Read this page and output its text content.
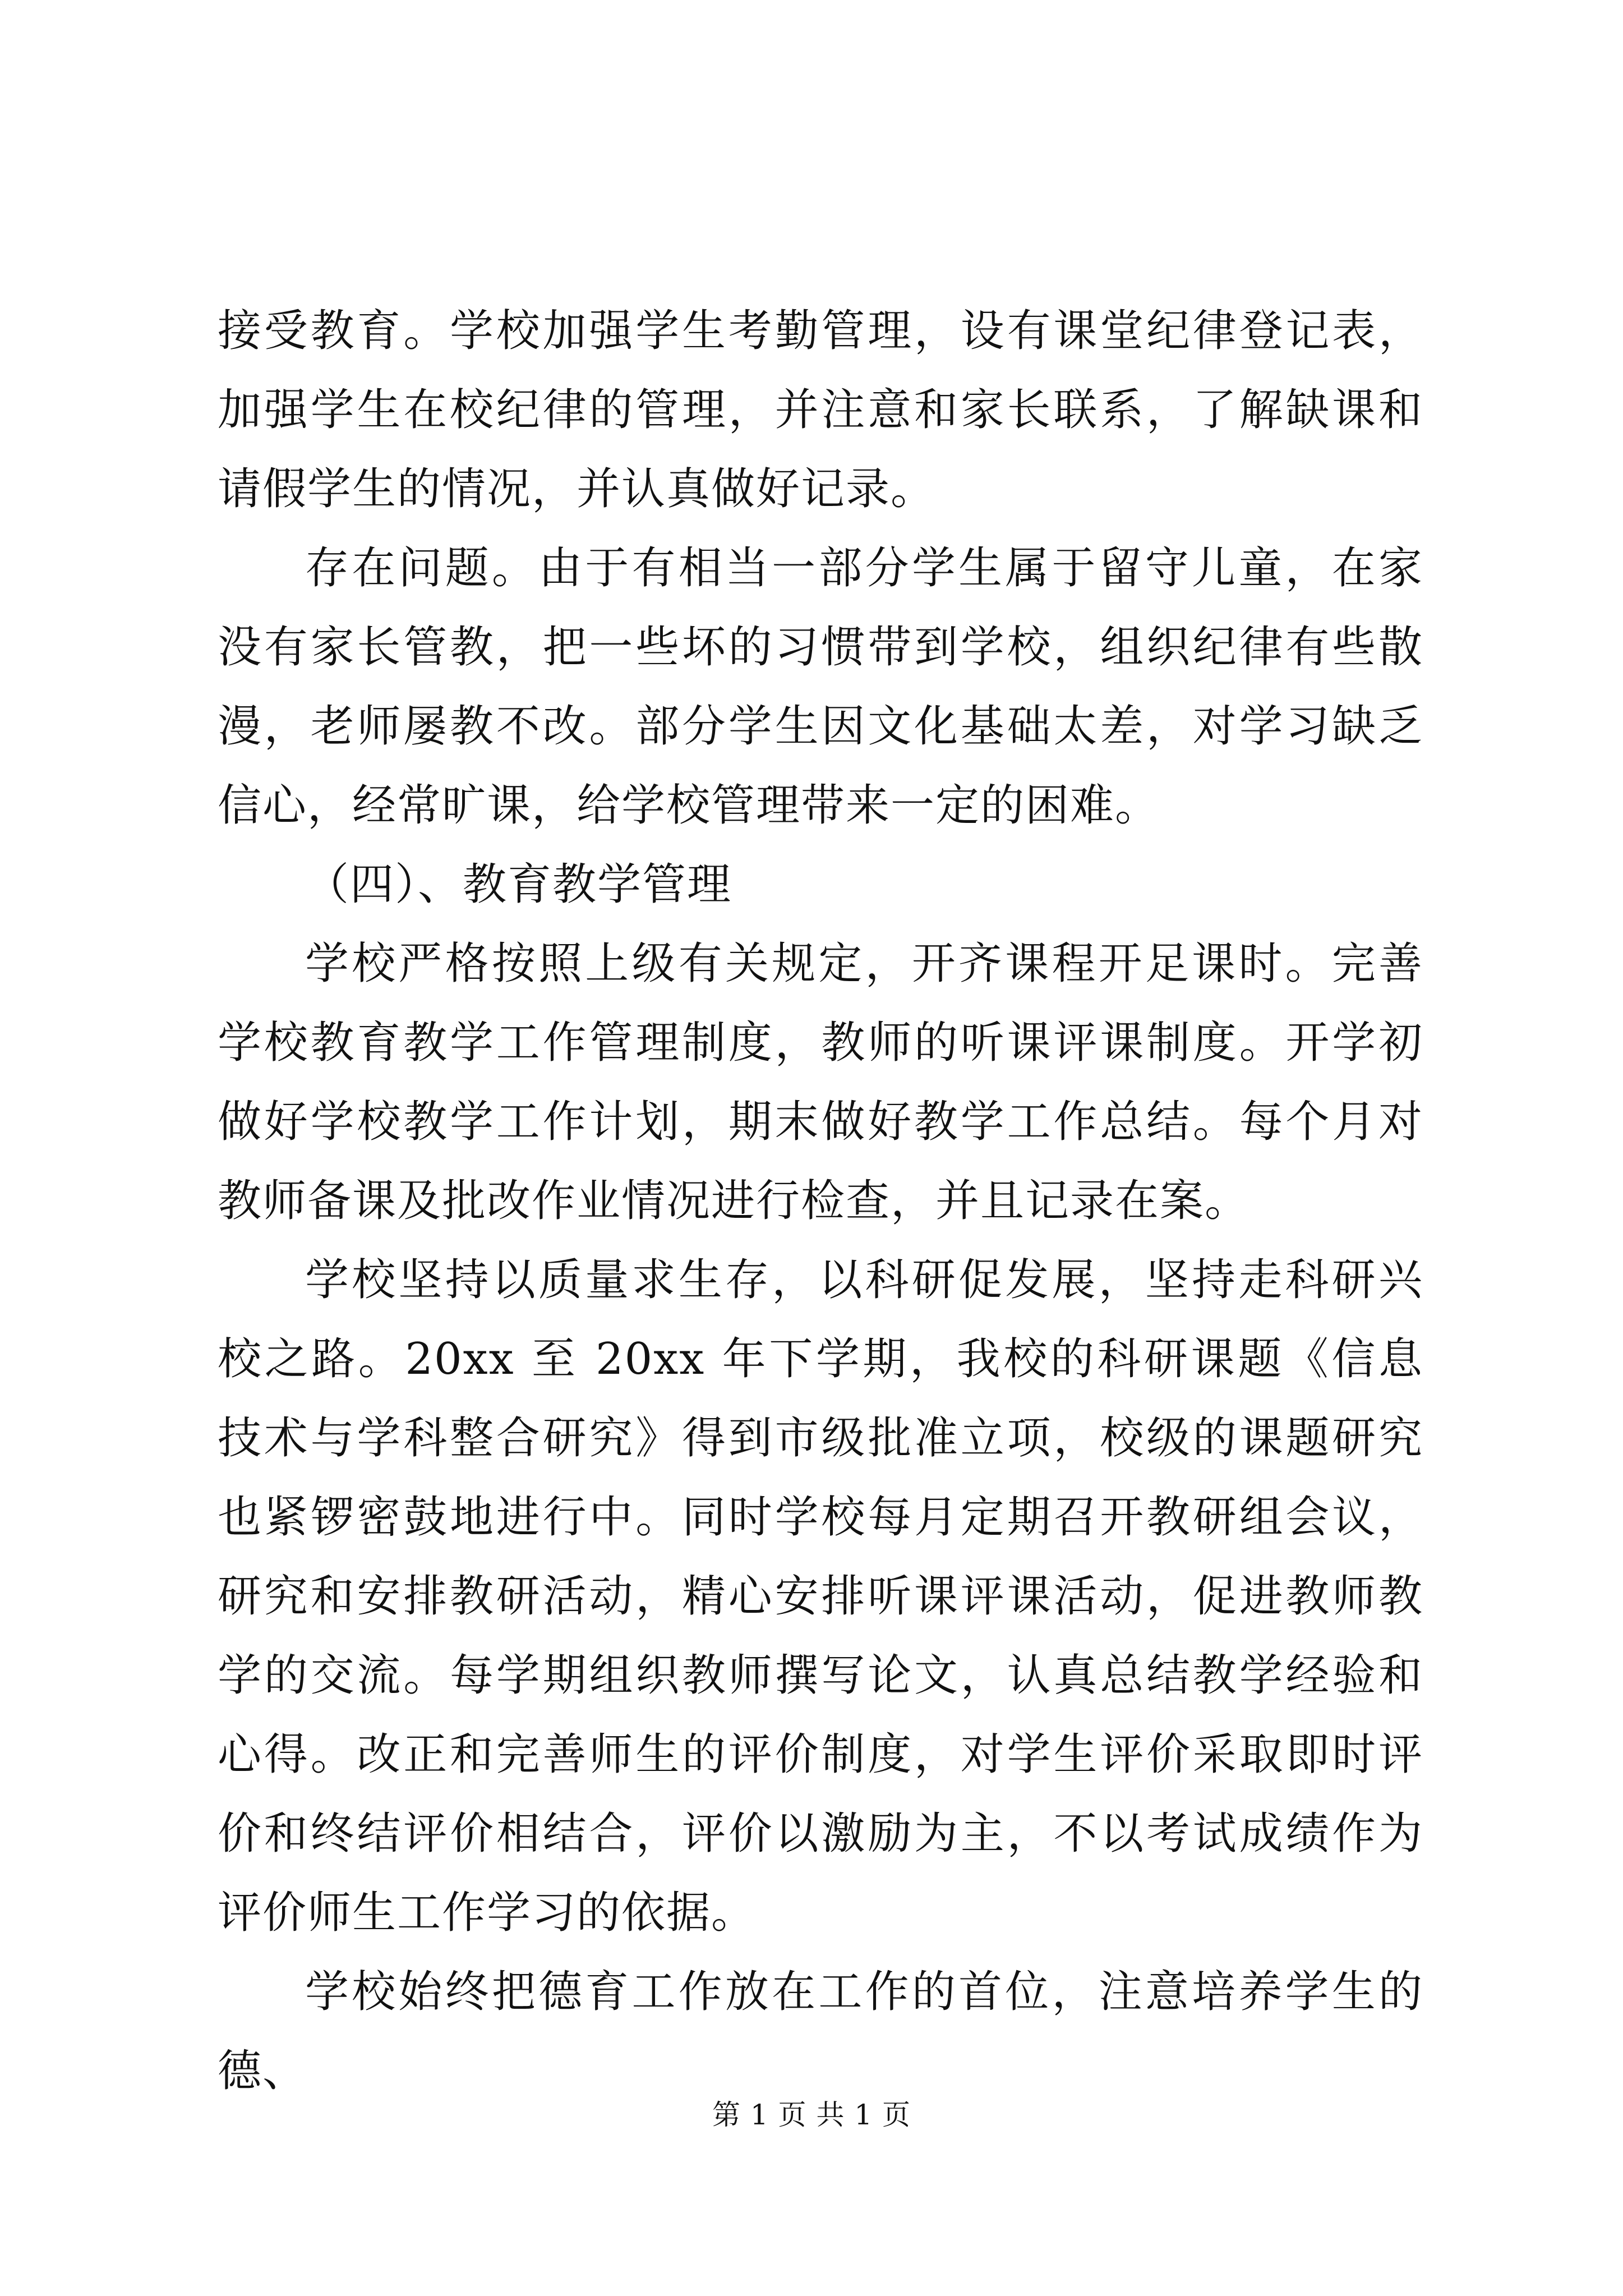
接受教育。学校加强学生考勤管理，设有课堂纪律登记表，加强学生在校纪律的管理，并注意和家长联系，了解缺课和请假学生的情况，并认真做好记录。

存在问题。由于有相当一部分学生属于留守儿童，在家没有家长管教，把一些坏的习惯带到学校，组织纪律有些散漫，老师屡教不改。部分学生因文化基础太差，对学习缺乏信心，经常旷课，给学校管理带来一定的困难。

（四）、教育教学管理

学校严格按照上级有关规定，开齐课程开足课时。完善学校教育教学工作管理制度，教师的听课评课制度。开学初做好学校教学工作计划，期末做好教学工作总结。每个月对教师备课及批改作业情况进行检查，并且记录在案。

学校坚持以质量求生存，以科研促发展，坚持走科研兴校之路。20xx 至 20xx 年下学期，我校的科研课题《信息技术与学科整合研究》得到市级批准立项，校级的课题研究也紧锣密鼓地进行中。同时学校每月定期召开教研组会议，研究和安排教研活动，精心安排听课评课活动，促进教师教学的交流。每学期组织教师撰写论文，认真总结教学经验和心得。改正和完善师生的评价制度，对学生评价采取即时评价和终结评价相结合，评价以激励为主，不以考试成绩作为评价师生工作学习的依据。

学校始终把德育工作放在工作的首位，注意培养学生的德、

第 1 页 共 1 页
